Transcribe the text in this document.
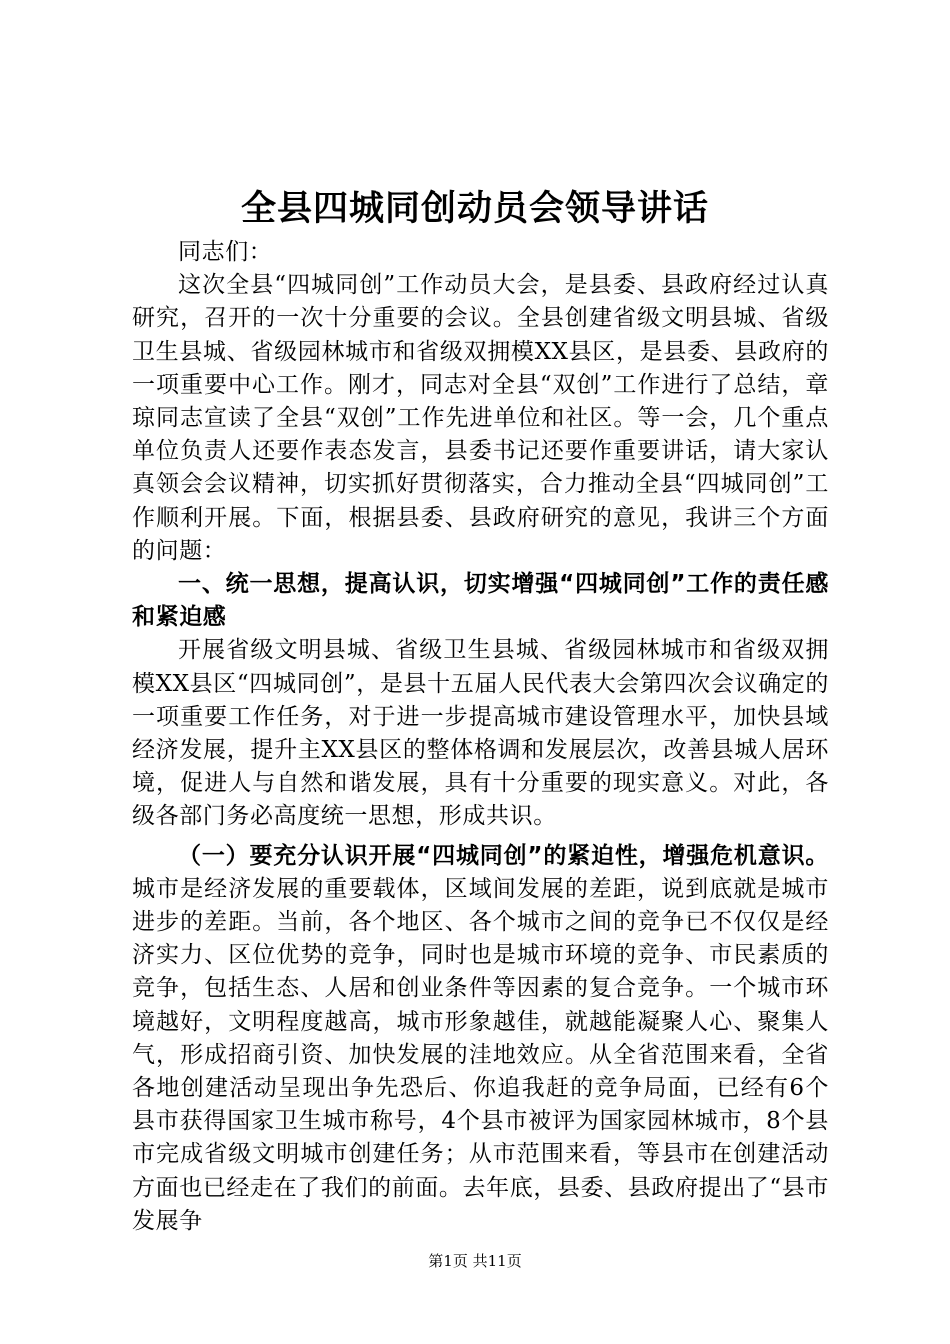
全县四城同创动员会领导讲话

同志们：

这次全县“四城同创”工作动员大会，是县委、县政府经过认真研究，召开的一次十分重要的会议。全县创建省级文明县城、省级卫生县城、省级园林城市和省级双拥模XX县区，是县委、县政府的一项重要中心工作。刚才，同志对全县“双创”工作进行了总结，章琼同志宣读了全县“双创”工作先进单位和社区。等一会，几个重点单位负责人还要作表态发言，县委书记还要作重要讲话，请大家认真领会会议精神，切实抓好贯彻落实，合力推动全县“四城同创”工作顺利开展。下面，根据县委、县政府研究的意见，我讲三个方面的问题：

一、统一思想，提高认识，切实增强“四城同创”工作的责任感和紧迫感

开展省级文明县城、省级卫生县城、省级园林城市和省级双拥模XX县区“四城同创”，是县十五届人民代表大会第四次会议确定的一项重要工作任务，对于进一步提高城市建设管理水平，加快县域经济发展，提升主XX县区的整体格调和发展层次，改善县城人居环境，促进人与自然和谐发展，具有十分重要的现实意义。对此，各级各部门务必高度统一思想，形成共识。

（一）要充分认识开展“四城同创”的紧迫性，增强危机意识。城市是经济发展的重要载体，区域间发展的差距，说到底就是城市进步的差距。当前，各个地区、各个城市之间的竞争已不仅仅是经济实力、区位优势的竞争，同时也是城市环境的竞争、市民素质的竞争，包括生态、人居和创业条件等因素的复合竞争。一个城市环境越好，文明程度越高，城市形象越佳，就越能凝聚人心、聚集人气，形成招商引资、加快发展的洼地效应。从全省范围来看，全省各地创建活动呈现出争先恐后、你追我赶的竞争局面，已经有6个县市获得国家卫生城市称号，4个县市被评为国家园林城市，8个县市完成省级文明城市创建任务；从市范围来看，等县市在创建活动方面也已经走在了我们的前面。去年底，县委、县政府提出了“县市发展争

第1页 共11页
